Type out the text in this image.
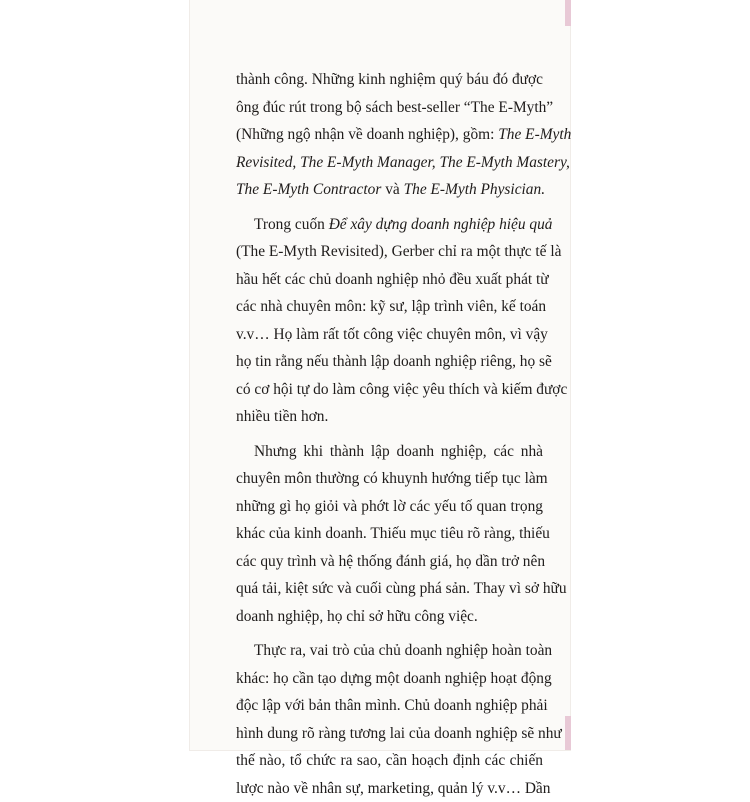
thành công. Những kinh nghiệm quý báu đó được
ông đúc rút trong bộ sách best-seller “The E-Myth”
(Những ngộ nhận về doanh nghiệp), gồm: The E-Myth
Revisited, The E-Myth Manager, The E-Myth Mastery,
The E-Myth Contractor và The E-Myth Physician.
Trong cuốn Để xây dựng doanh nghiệp hiệu quả
(The E-Myth Revisited), Gerber chỉ ra một thực tế là
hầu hết các chủ doanh nghiệp nhỏ đều xuất phát từ
các nhà chuyên môn: kỹ sư, lập trình viên, kế toán
v.v… Họ làm rất tốt công việc chuyên môn, vì vậy
họ tin rằng nếu thành lập doanh nghiệp riêng, họ sẽ
có cơ hội tự do làm công việc yêu thích và kiếm được
nhiều tiền hơn.
Nhưng khi thành lập doanh nghiệp, các nhà
chuyên môn thường có khuynh hướng tiếp tục làm
những gì họ giỏi và phớt lờ các yếu tố quan trọng
khác của kinh doanh. Thiếu mục tiêu rõ ràng, thiếu
các quy trình và hệ thống đánh giá, họ dần trở nên
quá tải, kiệt sức và cuối cùng phá sản. Thay vì sở hữu
doanh nghiệp, họ chỉ sở hữu công việc.
Thực ra, vai trò của chủ doanh nghiệp hoàn toàn
khác: họ cần tạo dựng một doanh nghiệp hoạt động
độc lập với bản thân mình. Chủ doanh nghiệp phải
hình dung rõ ràng tương lai của doanh nghiệp sẽ như
thế nào, tổ chức ra sao, cần hoạch định các chiến
lược nào về nhân sự, marketing, quản lý v.v… Dần
